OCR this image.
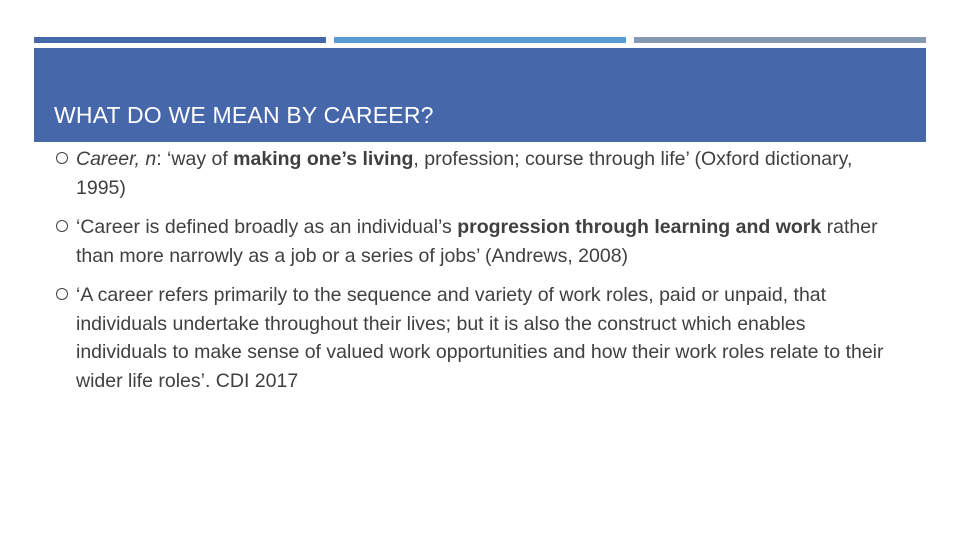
WHAT DO WE MEAN BY CAREER?
Career, n: ‘way of making one’s living, profession; course through life’ (Oxford dictionary, 1995)
‘Career is defined broadly as an individual’s progression through learning and work rather than more narrowly as a job or a series of jobs’ (Andrews, 2008)
‘A career refers primarily to the sequence and variety of work roles, paid or unpaid, that individuals undertake throughout their lives; but it is also the construct which enables individuals to make sense of valued work opportunities and how their work roles relate to their wider life roles’. CDI 2017
